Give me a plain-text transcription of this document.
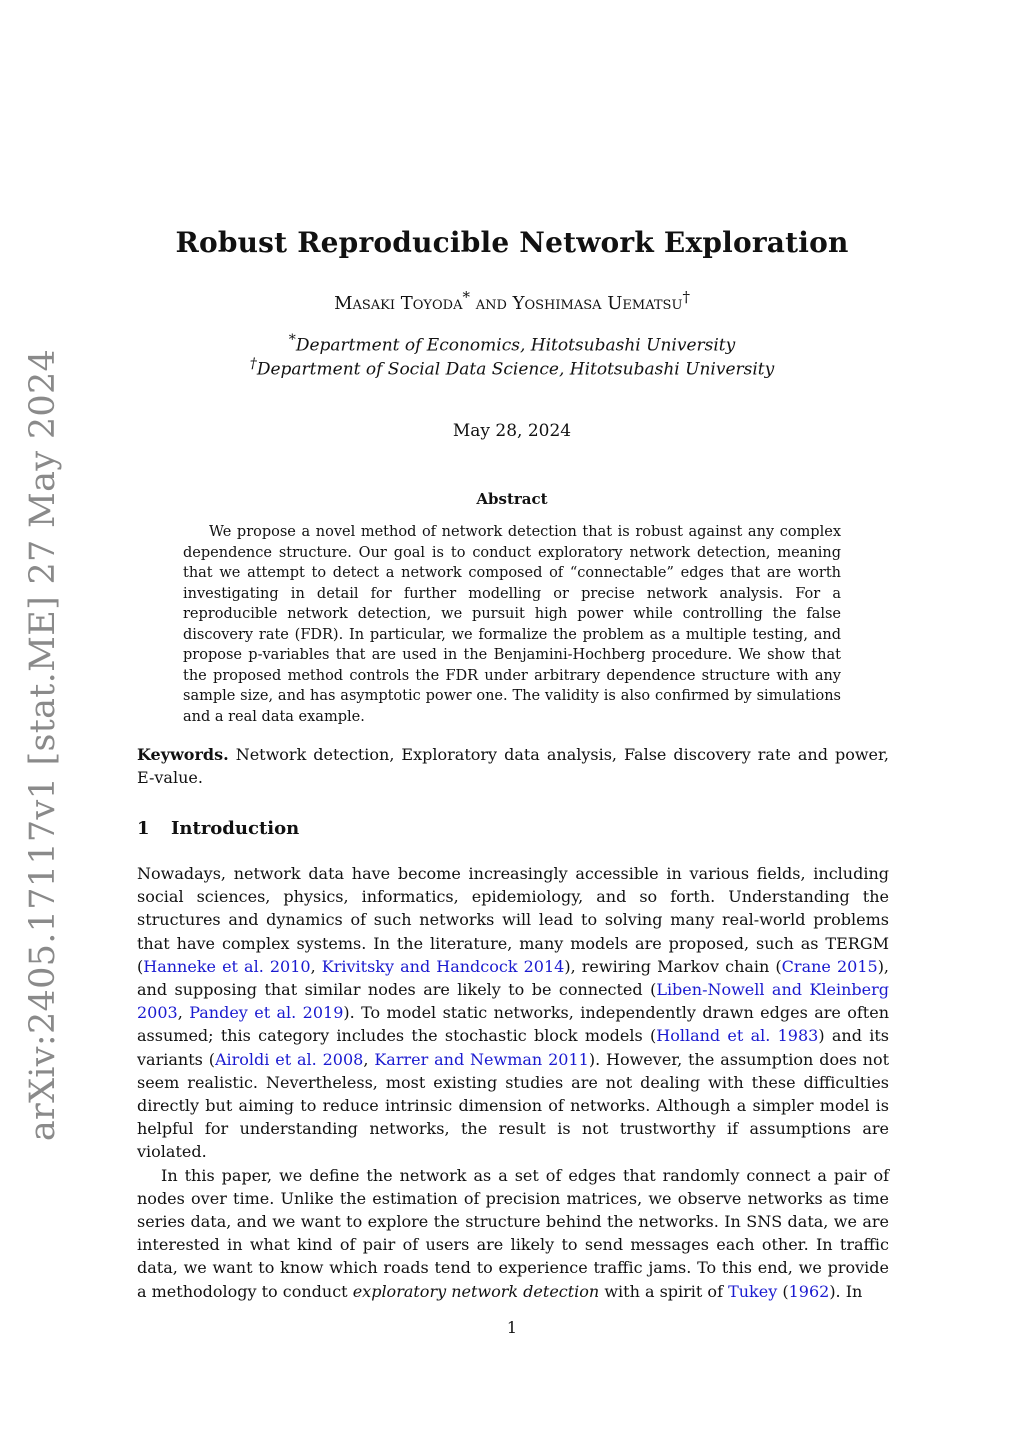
arXiv:2405.17117v1 [stat.ME] 27 May 2024
Robust Reproducible Network Exploration
Masaki Toyoda* and Yoshimasa Uematsu†
*Department of Economics, Hitotsubashi University
†Department of Social Data Science, Hitotsubashi University
May 28, 2024
Abstract

We propose a novel method of network detection that is robust against any complex dependence structure. Our goal is to conduct exploratory network detection, meaning that we attempt to detect a network composed of “connectable” edges that are worth investigating in detail for further modelling or precise network analysis. For a reproducible network detection, we pursuit high power while controlling the false discovery rate (FDR). In particular, we formalize the problem as a multiple testing, and propose p-variables that are used in the Benjamini-Hochberg procedure. We show that the proposed method controls the FDR under arbitrary dependence structure with any sample size, and has asymptotic power one. The validity is also confirmed by simulations and a real data example.

Keywords. Network detection, Exploratory data analysis, False discovery rate and power, E-value.
1 Introduction

Nowadays, network data have become increasingly accessible in various fields, including social sciences, physics, informatics, epidemiology, and so forth. Understanding the structures and dynamics of such networks will lead to solving many real-world problems that have complex systems. In the literature, many models are proposed, such as TERGM (Hanneke et al. 2010, Krivitsky and Handcock 2014), rewiring Markov chain (Crane 2015), and supposing that similar nodes are likely to be connected (Liben-Nowell and Kleinberg 2003, Pandey et al. 2019). To model static networks, independently drawn edges are often assumed; this category includes the stochastic block models (Holland et al. 1983) and its variants (Airoldi et al. 2008, Karrer and Newman 2011). However, the assumption does not seem realistic. Nevertheless, most existing studies are not dealing with these difficulties directly but aiming to reduce intrinsic dimension of networks. Although a simpler model is helpful for understanding networks, the result is not trustworthy if assumptions are violated.

In this paper, we define the network as a set of edges that randomly connect a pair of nodes over time. Unlike the estimation of precision matrices, we observe networks as time series data, and we want to explore the structure behind the networks. In SNS data, we are interested in what kind of pair of users are likely to send messages each other. In traffic data, we want to know which roads tend to experience traffic jams. To this end, we provide a methodology to conduct exploratory network detection with a spirit of Tukey (1962). In

1
